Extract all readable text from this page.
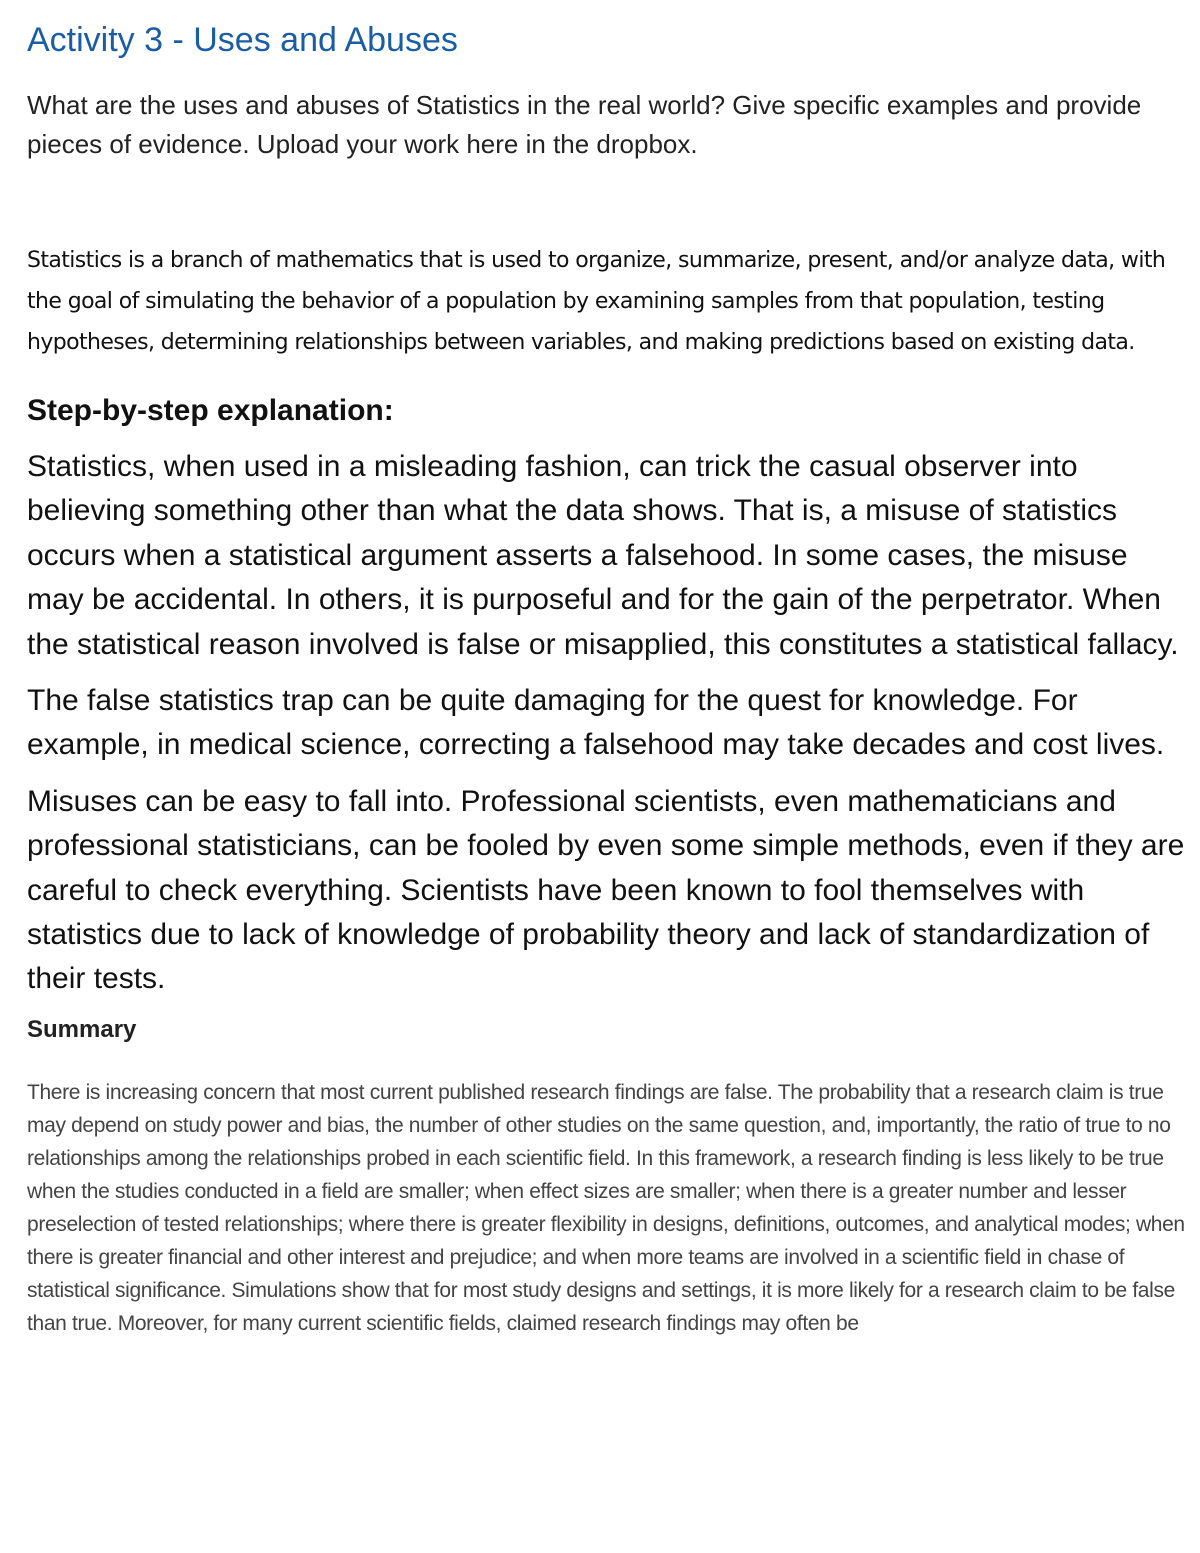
Activity 3 - Uses and Abuses

What are the uses and abuses of Statistics in the real world? Give specific examples and provide pieces of evidence. Upload your work here in the dropbox.

Statistics is a branch of mathematics that is used to organize, summarize, present, and/or analyze data, with the goal of simulating the behavior of a population by examining samples from that population, testing hypotheses, determining relationships between variables, and making predictions based on existing data.

Step-by-step explanation:

Statistics, when used in a misleading fashion, can trick the casual observer into believing something other than what the data shows. That is, a misuse of statistics occurs when a statistical argument asserts a falsehood. In some cases, the misuse may be accidental. In others, it is purposeful and for the gain of the perpetrator. When the statistical reason involved is false or misapplied, this constitutes a statistical fallacy.

The false statistics trap can be quite damaging for the quest for knowledge. For example, in medical science, correcting a falsehood may take decades and cost lives.

Misuses can be easy to fall into. Professional scientists, even mathematicians and professional statisticians, can be fooled by even some simple methods, even if they are careful to check everything. Scientists have been known to fool themselves with statistics due to lack of knowledge of probability theory and lack of standardization of their tests.

Summary

There is increasing concern that most current published research findings are false. The probability that a research claim is true may depend on study power and bias, the number of other studies on the same question, and, importantly, the ratio of true to no relationships among the relationships probed in each scientific field. In this framework, a research finding is less likely to be true when the studies conducted in a field are smaller; when effect sizes are smaller; when there is a greater number and lesser preselection of tested relationships; where there is greater flexibility in designs, definitions, outcomes, and analytical modes; when there is greater financial and other interest and prejudice; and when more teams are involved in a scientific field in chase of statistical significance. Simulations show that for most study designs and settings, it is more likely for a research claim to be false than true. Moreover, for many current scientific fields, claimed research findings may often be
